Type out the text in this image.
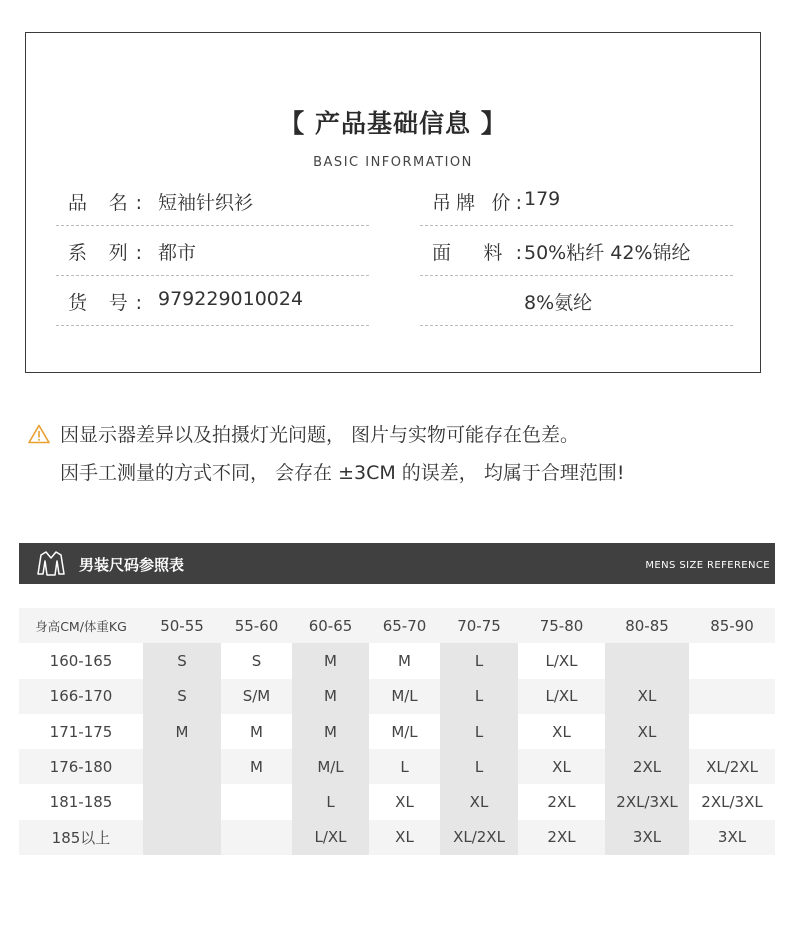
【 产品基础信息 】
BASIC INFORMATION
品 名: 短袖针织衫
系 列: 都市
货 号: 979229010024
吊牌 价: 179
面 料: 50%粘纤 42%锦纶
8%氨纶
因显示器差异以及拍摄灯光问题， 图片与实物可能存在色差。
因手工测量的方式不同， 会存在 ±3CM 的误差， 均属于合理范围!
男装尺码参照表	MENS SIZE REFERENCE
身高CM/体重KG	50-55	55-60	60-65	65-70	70-75	75-80	80-85	85-90
160-165	S	S	M	M	L	L/XL		
166-170	S	S/M	M	M/L	L	L/XL	XL	
171-175	M	M	M	M/L	L	XL	XL	
176-180		M	M/L	L	L	XL	2XL	XL/2XL
181-185			L	XL	XL	2XL	2XL/3XL	2XL/3XL
185以上			L/XL	XL	XL/2XL	2XL	3XL	3XL
